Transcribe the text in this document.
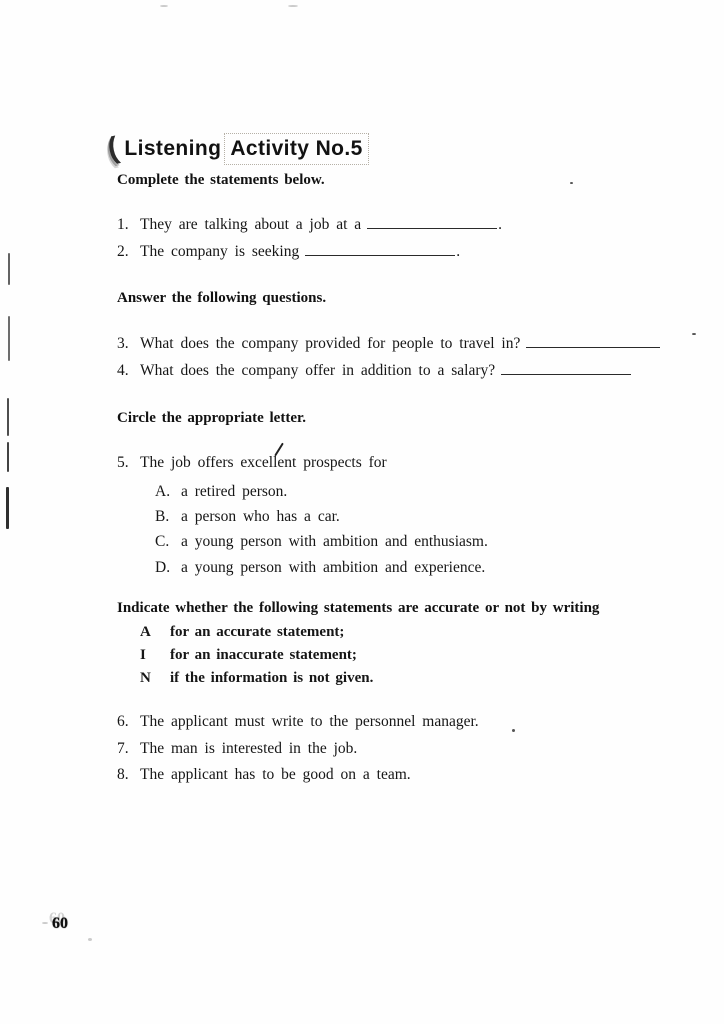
( Listening Activity No.5
Complete the statements below.
1. They are talking about a job at a	.
2. The company is seeking	.
Answer the following questions.
3. What does the company provided for people to travel in?
4. What does the company offer in addition to a salary?
Circle the appropriate letter.
5. The job offers excellent prospects for
A. a retired person.
B. a person who has a car.
C. a young person with ambition and enthusiasm.
D. a young person with ambition and experience.
Indicate whether the following statements are accurate or not by writing
A for an accurate statement;
I for an inaccurate statement;
N if the information is not given.
6. The applicant must write to the personnel manager.
7. The man is interested in the job.
8. The applicant has to be good on a team.
60
